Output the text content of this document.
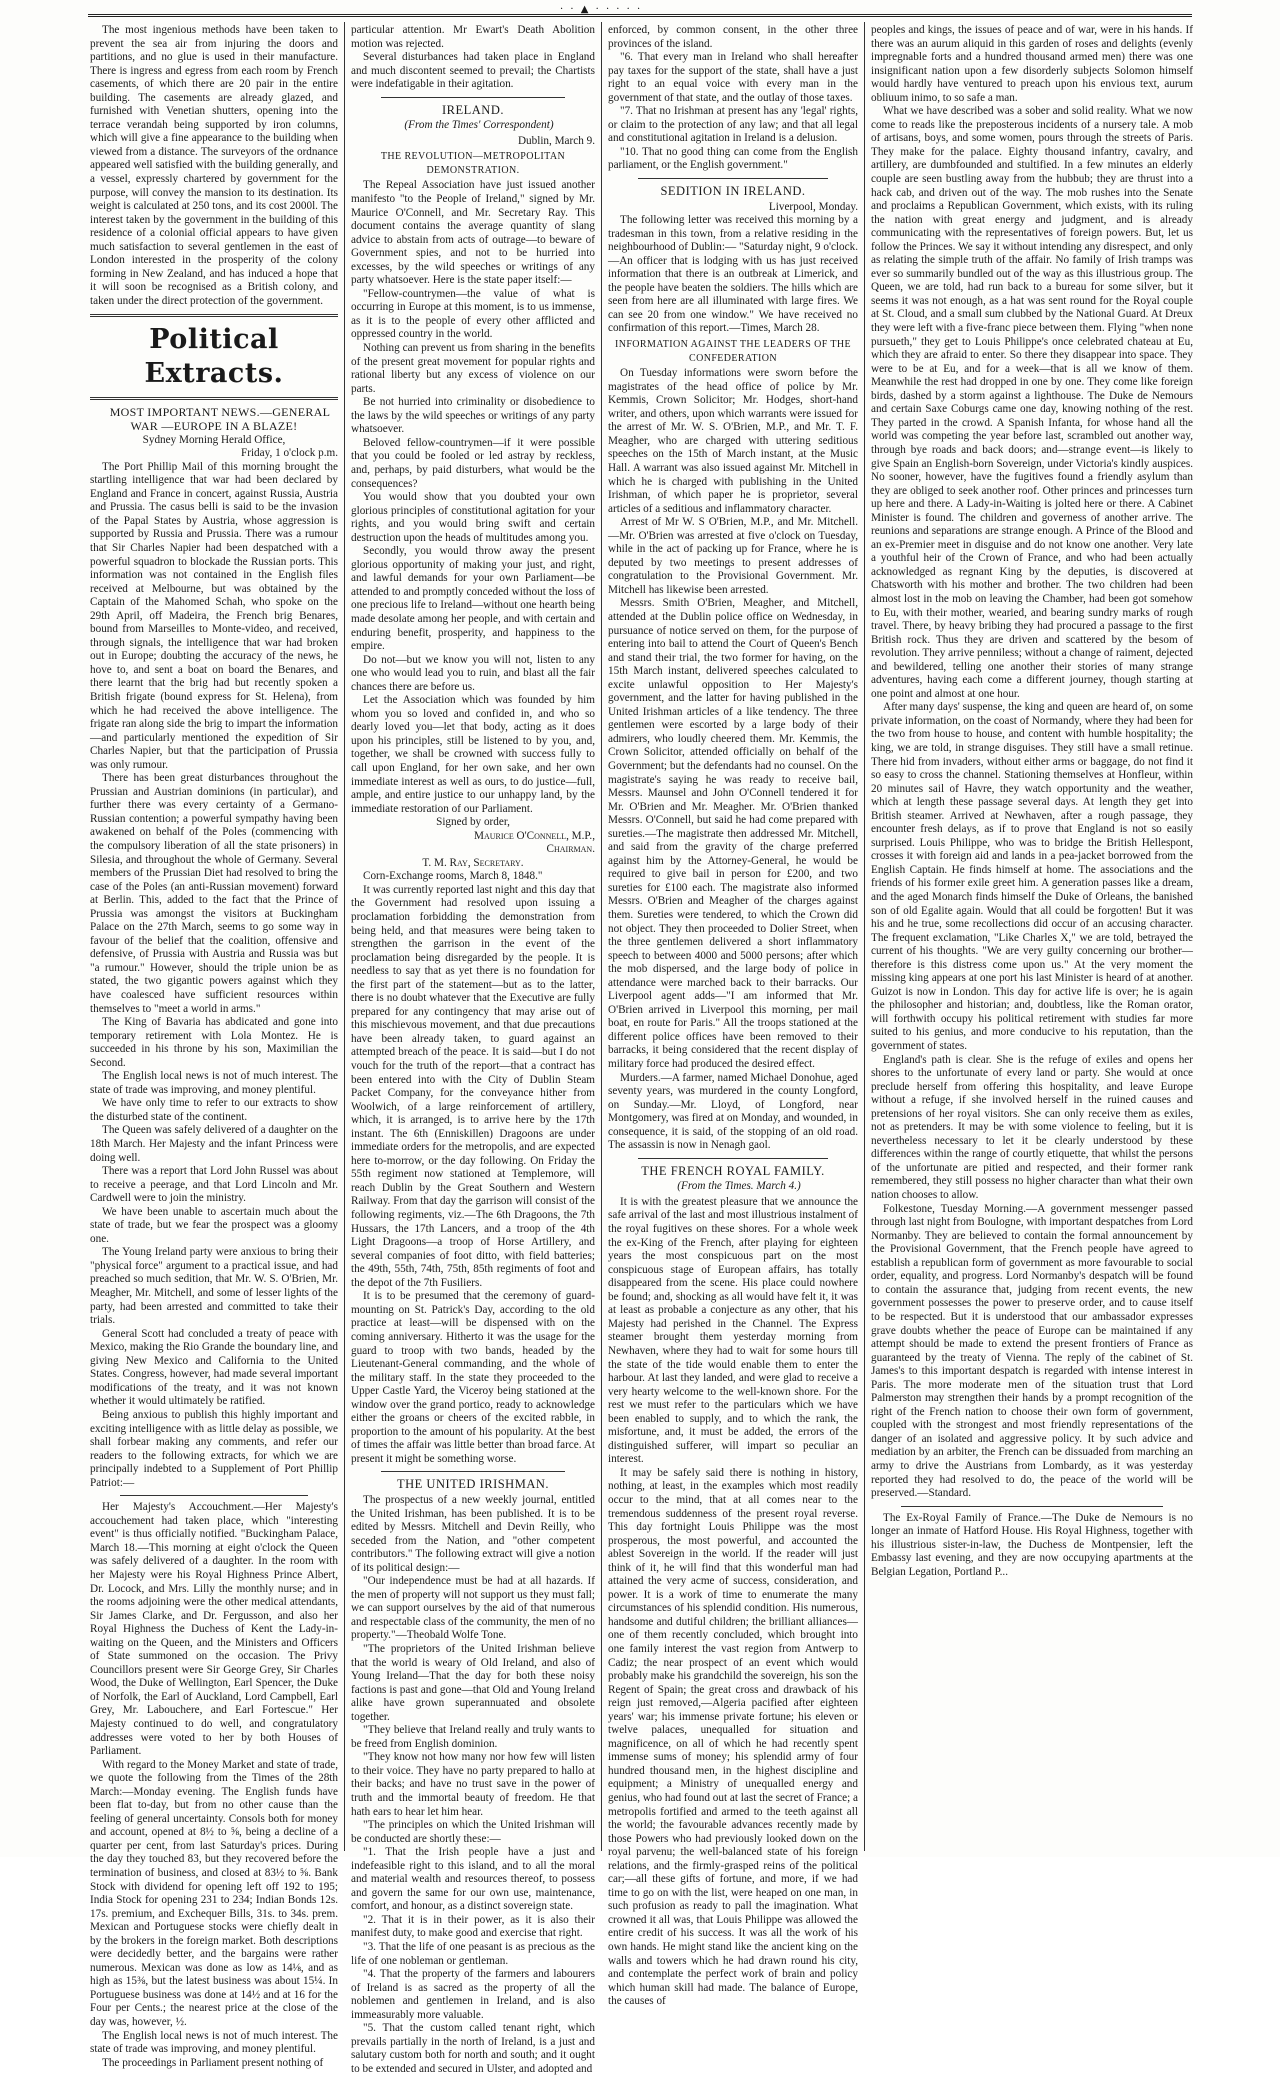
· · ▲ · · · · ·

The most ingenious methods have been taken to prevent the sea air from injuring the doors and partitions, and no glue is used in their manufacture. There is ingress and egress from each room by French casements, of which there are 20 pair in the entire building. The casements are already glazed, and furnished with Venetian shutters, opening into the terrace verandah being supported by iron columns, which will give a fine appearance to the building when viewed from a distance. The surveyors of the ordnance appeared well satisfied with the building generally, and a vessel, expressly chartered by government for the purpose, will convey the mansion to its destination. Its weight is calculated at 250 tons, and its cost 2000l. The interest taken by the government in the building of this residence of a colonial official appears to have given much satisfaction to several gentlemen in the east of London interested in the prosperity of the colony forming in New Zealand, and has induced a hope that it will soon be recognised as a British colony, and taken under the direct protection of the government.

Political Extracts.

MOST IMPORTANT NEWS.—GENERAL WAR —EUROPE IN A BLAZE!

Sydney Morning Herald Office,

Friday, 1 o'clock p.m.

The Port Phillip Mail of this morning brought the startling intelligence that war had been declared by England and France in concert, against Russia, Austria and Prussia. The casus belli is said to be the invasion of the Papal States by Austria, whose aggression is supported by Russia and Prussia. There was a rumour that Sir Charles Napier had been despatched with a powerful squadron to blockade the Russian ports. This information was not contained in the English files received at Melbourne, but was obtained by the Captain of the Mahomed Schah, who spoke on the 29th April, off Madeira, the French brig Benares, bound from Marseilles to Monte-video, and received, through signals, the intelligence that war had broken out in Europe; doubting the accuracy of the news, he hove to, and sent a boat on board the Benares, and there learnt that the brig had but recently spoken a British frigate (bound express for St. Helena), from which he had received the above intelligence. The frigate ran along side the brig to impart the information—and particularly mentioned the expedition of Sir Charles Napier, but that the participation of Prussia was only rumour.

There has been great disturbances throughout the Prussian and Austrian dominions (in particular), and further there was every certainty of a Germano-Russian contention; a powerful sympathy having been awakened on behalf of the Poles (commencing with the compulsory liberation of all the state prisoners) in Silesia, and throughout the whole of Germany. Several members of the Prussian Diet had resolved to bring the case of the Poles (an anti-Russian movement) forward at Berlin. This, added to the fact that the Prince of Prussia was amongst the visitors at Buckingham Palace on the 27th March, seems to go some way in favour of the belief that the coalition, offensive and defensive, of Prussia with Austria and Russia was but "a rumour." However, should the triple union be as stated, the two gigantic powers against which they have coalesced have sufficient resources within themselves to "meet a world in arms."

The King of Bavaria has abdicated and gone into temporary retirement with Lola Montez. He is succeeded in his throne by his son, Maximilian the Second.

The English local news is not of much interest. The state of trade was improving, and money plentiful.

We have only time to refer to our extracts to show the disturbed state of the continent.

The Queen was safely delivered of a daughter on the 18th March. Her Majesty and the infant Princess were doing well.

There was a report that Lord John Russel was about to receive a peerage, and that Lord Lincoln and Mr. Cardwell were to join the ministry.

We have been unable to ascertain much about the state of trade, but we fear the prospect was a gloomy one.

The Young Ireland party were anxious to bring their "physical force" argument to a practical issue, and had preached so much sedition, that Mr. W. S. O'Brien, Mr. Meagher, Mr. Mitchell, and some of lesser lights of the party, had been arrested and committed to take their trials.

General Scott had concluded a treaty of peace with Mexico, making the Rio Grande the boundary line, and giving New Mexico and California to the United States. Congress, however, had made several important modifications of the treaty, and it was not known whether it would ultimately be ratified.

Being anxious to publish this highly important and exciting intelligence with as little delay as possible, we shall forbear making any comments, and refer our readers to the following extracts, for which we are principally indebted to a Supplement of Port Phillip Patriot:—

Her Majesty's Accouchment.—Her Majesty's accouchement had taken place, which "interesting event" is thus officially notified. "Buckingham Palace, March 18.—This morning at eight o'clock the Queen was safely delivered of a daughter. In the room with her Majesty were his Royal Highness Prince Albert, Dr. Locock, and Mrs. Lilly the monthly nurse; and in the rooms adjoining were the other medical attendants, Sir James Clarke, and Dr. Fergusson, and also her Royal Highness the Duchess of Kent the Lady-in-waiting on the Queen, and the Ministers and Officers of State summoned on the occasion. The Privy Councillors present were Sir George Grey, Sir Charles Wood, the Duke of Wellington, Earl Spencer, the Duke of Norfolk, the Earl of Auckland, Lord Campbell, Earl Grey, Mr. Labouchere, and Earl Fortescue." Her Majesty continued to do well, and congratulatory addresses were voted to her by both Houses of Parliament.

With regard to the Money Market and state of trade, we quote the following from the Times of the 28th March:—Monday evening. The English funds have been flat to-day, but from no other cause than the feeling of general uncertainty. Consols both for money and account, opened at 8½ to ⅝, being a decline of a quarter per cent, from last Saturday's prices. During the day they touched 83, but they recovered before the termination of business, and closed at 83½ to ⅝. Bank Stock with dividend for opening left off 192 to 195; India Stock for opening 231 to 234; Indian Bonds 12s. 17s. premium, and Exchequer Bills, 31s. to 34s. prem. Mexican and Portuguese stocks were chiefly dealt in by the brokers in the foreign market. Both descriptions were decidedly better, and the bargains were rather numerous. Mexican was done as low as 14⅛, and as high as 15⅜, but the latest business was about 15¼. In Portuguese business was done at 14½ and at 16 for the Four per Cents.; the nearest price at the close of the day was, however, ½.

The English local news is not of much interest. The state of trade was improving, and money plentiful.

The proceedings in Parliament present nothing of

particular attention. Mr Ewart's Death Abolition motion was rejected.

Several disturbances had taken place in England and much discontent seemed to prevail; the Chartists were indefatigable in their agitation.

IRELAND.

(From the Times' Correspondent)

Dublin, March 9.

THE REVOLUTION—METROPOLITAN DEMONSTRATION.

The Repeal Association have just issued another manifesto "to the People of Ireland," signed by Mr. Maurice O'Connell, and Mr. Secretary Ray. This document contains the average quantity of slang advice to abstain from acts of outrage—to beware of Government spies, and not to be hurried into excesses, by the wild speeches or writings of any party whatsoever. Here is the state paper itself:—

"Fellow-countrymen—the value of what is occurring in Europe at this moment, is to us immense, as it is to the people of every other afflicted and oppressed country in the world.

Nothing can prevent us from sharing in the benefits of the present great movement for popular rights and rational liberty but any excess of violence on our parts.

Be not hurried into criminality or disobedience to the laws by the wild speeches or writings of any party whatsoever.

Beloved fellow-countrymen—if it were possible that you could be fooled or led astray by reckless, and, perhaps, by paid disturbers, what would be the consequences?

You would show that you doubted your own glorious principles of constitutional agitation for your rights, and you would bring swift and certain destruction upon the heads of multitudes among you.

Secondly, you would throw away the present glorious opportunity of making your just, and right, and lawful demands for your own Parliament—be attended to and promptly conceded without the loss of one precious life to Ireland—without one hearth being made desolate among her people, and with certain and enduring benefit, prosperity, and happiness to the empire.

Do not—but we know you will not, listen to any one who would lead you to ruin, and blast all the fair chances there are before us.

Let the Association which was founded by him whom you so loved and confided in, and who so dearly loved you—let that body, acting as it does upon his principles, still be listened to by you, and, together, we shall be crowned with success fully to call upon England, for her own sake, and her own immediate interest as well as ours, to do justice—full, ample, and entire justice to our unhappy land, by the immediate restoration of our Parliament.

Signed by order,

Maurice O'Connell, M.P.,

Chairman.

T. M. Ray, Secretary.

Corn-Exchange rooms, March 8, 1848."

It was currently reported last night and this day that the Government had resolved upon issuing a proclamation forbidding the demonstration from being held, and that measures were being taken to strengthen the garrison in the event of the proclamation being disregarded by the people. It is needless to say that as yet there is no foundation for the first part of the statement—but as to the latter, there is no doubt whatever that the Executive are fully prepared for any contingency that may arise out of this mischievous movement, and that due precautions have been already taken, to guard against an attempted breach of the peace. It is said—but I do not vouch for the truth of the report—that a contract has been entered into with the City of Dublin Steam Packet Company, for the conveyance hither from Woolwich, of a large reinforcement of artillery, which, it is arranged, is to arrive here by the 17th instant. The 6th (Enniskillen) Dragoons are under immediate orders for the metropolis, and are expected here to-morrow, or the day following. On Friday the 55th regiment now stationed at Templemore, will reach Dublin by the Great Southern and Western Railway. From that day the garrison will consist of the following regiments, viz.—The 6th Dragoons, the 7th Hussars, the 17th Lancers, and a troop of the 4th Light Dragoons—a troop of Horse Artillery, and several companies of foot ditto, with field batteries; the 49th, 55th, 74th, 75th, 85th regiments of foot and the depot of the 7th Fusiliers.

It is to be presumed that the ceremony of guard-mounting on St. Patrick's Day, according to the old practice at least—will be dispensed with on the coming anniversary. Hitherto it was the usage for the guard to troop with two bands, headed by the Lieutenant-General commanding, and the whole of the military staff. In the state they proceeded to the Upper Castle Yard, the Viceroy being stationed at the window over the grand portico, ready to acknowledge either the groans or cheers of the excited rabble, in proportion to the amount of his popularity. At the best of times the affair was little better than broad farce. At present it might be something worse.

THE UNITED IRISHMAN.

The prospectus of a new weekly journal, entitled the United Irishman, has been published. It is to be edited by Messrs. Mitchell and Devin Reilly, who seceded from the Nation, and "other competent contributors." The following extract will give a notion of its political design:—

"Our independence must be had at all hazards. If the men of property will not support us they must fall; we can support ourselves by the aid of that numerous and respectable class of the community, the men of no property."—Theobald Wolfe Tone.

"The proprietors of the United Irishman believe that the world is weary of Old Ireland, and also of Young Ireland—That the day for both these noisy factions is past and gone—that Old and Young Ireland alike have grown superannuated and obsolete together.

"They believe that Ireland really and truly wants to be freed from English dominion.

"They know not how many nor how few will listen to their voice. They have no party prepared to hallo at their backs; and have no trust save in the power of truth and the immortal beauty of freedom. He that hath ears to hear let him hear.

"The principles on which the United Irishman will be conducted are shortly these:—

"1. That the Irish people have a just and indefeasible right to this island, and to all the moral and material wealth and resources thereof, to possess and govern the same for our own use, maintenance, comfort, and honour, as a distinct sovereign state.

"2. That it is in their power, as it is also their manifest duty, to make good and exercise that right.

"3. That the life of one peasant is as precious as the life of one nobleman or gentleman.

"4. That the property of the farmers and labourers of Ireland is as sacred as the property of all the noblemen and gentlemen in Ireland, and is also immeasurably more valuable.

"5. That the custom called tenant right, which prevails partially in the north of Ireland, is a just and salutary custom both for north and south; and it ought to be extended and secured in Ulster, and adopted and

enforced, by common consent, in the other three provinces of the island.

"6. That every man in Ireland who shall hereafter pay taxes for the support of the state, shall have a just right to an equal voice with every man in the government of that state, and the outlay of those taxes.

"7. That no Irishman at present has any 'legal' rights, or claim to the protection of any law; and that all legal and constitutional agitation in Ireland is a delusion.

"10. That no good thing can come from the English parliament, or the English government."

SEDITION IN IRELAND.

Liverpool, Monday.

The following letter was received this morning by a tradesman in this town, from a relative residing in the neighbourhood of Dublin:— "Saturday night, 9 o'clock.—An officer that is lodging with us has just received information that there is an outbreak at Limerick, and the people have beaten the soldiers. The hills which are seen from here are all illuminated with large fires. We can see 20 from one window." We have received no confirmation of this report.—Times, March 28.

INFORMATION AGAINST THE LEADERS OF THE CONFEDERATION

On Tuesday informations were sworn before the magistrates of the head office of police by Mr. Kemmis, Crown Solicitor; Mr. Hodges, short-hand writer, and others, upon which warrants were issued for the arrest of Mr. W. S. O'Brien, M.P., and Mr. T. F. Meagher, who are charged with uttering seditious speeches on the 15th of March instant, at the Music Hall. A warrant was also issued against Mr. Mitchell in which he is charged with publishing in the United Irishman, of which paper he is proprietor, several articles of a seditious and inflammatory character.

Arrest of Mr W. S O'Brien, M.P., and Mr. Mitchell.—Mr. O'Brien was arrested at five o'clock on Tuesday, while in the act of packing up for France, where he is deputed by two meetings to present addresses of congratulation to the Provisional Government. Mr. Mitchell has likewise been arrested.

Messrs. Smith O'Brien, Meagher, and Mitchell, attended at the Dublin police office on Wednesday, in pursuance of notice served on them, for the purpose of entering into bail to attend the Court of Queen's Bench and stand their trial, the two former for having, on the 15th March instant, delivered speeches calculated to excite unlawful opposition to Her Majesty's government, and the latter for having published in the United Irishman articles of a like tendency. The three gentlemen were escorted by a large body of their admirers, who loudly cheered them. Mr. Kemmis, the Crown Solicitor, attended officially on behalf of the Government; but the defendants had no counsel. On the magistrate's saying he was ready to receive bail, Messrs. Maunsel and John O'Connell tendered it for Mr. O'Brien and Mr. Meagher. Mr. O'Brien thanked Messrs. O'Connell, but said he had come prepared with sureties.—The magistrate then addressed Mr. Mitchell, and said from the gravity of the charge preferred against him by the Attorney-General, he would be required to give bail in person for £200, and two sureties for £100 each. The magistrate also informed Messrs. O'Brien and Meagher of the charges against them. Sureties were tendered, to which the Crown did not object. They then proceeded to Dolier Street, when the three gentlemen delivered a short inflammatory speech to between 4000 and 5000 persons; after which the mob dispersed, and the large body of police in attendance were marched back to their barracks. Our Liverpool agent adds—"I am informed that Mr. O'Brien arrived in Liverpool this morning, per mail boat, en route for Paris." All the troops stationed at the different police offices have been removed to their barracks, it being considered that the recent display of military force had produced the desired effect.

Murders.—A farmer, named Michael Donohue, aged seventy years, was murdered in the county Longford, on Sunday.—Mr. Lloyd, of Longford, near Montgomery, was fired at on Monday, and wounded, in consequence, it is said, of the stopping of an old road. The assassin is now in Nenagh gaol.

THE FRENCH ROYAL FAMILY.

(From the Times. March 4.)

It is with the greatest pleasure that we announce the safe arrival of the last and most illustrious instalment of the royal fugitives on these shores. For a whole week the ex-King of the French, after playing for eighteen years the most conspicuous part on the most conspicuous stage of European affairs, has totally disappeared from the scene. His place could nowhere be found; and, shocking as all would have felt it, it was at least as probable a conjecture as any other, that his Majesty had perished in the Channel. The Express steamer brought them yesterday morning from Newhaven, where they had to wait for some hours till the state of the tide would enable them to enter the harbour. At last they landed, and were glad to receive a very hearty welcome to the well-known shore. For the rest we must refer to the particulars which we have been enabled to supply, and to which the rank, the misfortune, and, it must be added, the errors of the distinguished sufferer, will impart so peculiar an interest.

It may be safely said there is nothing in history, nothing, at least, in the examples which most readily occur to the mind, that at all comes near to the tremendous suddenness of the present royal reverse. This day fortnight Louis Philippe was the most prosperous, the most powerful, and accounted the ablest Sovereign in the world. If the reader will just think of it, he will find that this wonderful man had attained the very acme of success, consideration, and power. It is a work of time to enumerate the many circumstances of his splendid condition. His numerous, handsome and dutiful children; the brilliant alliances—one of them recently concluded, which brought into one family interest the vast region from Antwerp to Cadiz; the near prospect of an event which would probably make his grandchild the sovereign, his son the Regent of Spain; the great cross and drawback of his reign just removed,—Algeria pacified after eighteen years' war; his immense private fortune; his eleven or twelve palaces, unequalled for situation and magnificence, on all of which he had recently spent immense sums of money; his splendid army of four hundred thousand men, in the highest discipline and equipment; a Ministry of unequalled energy and genius, who had found out at last the secret of France; a metropolis fortified and armed to the teeth against all the world; the favourable advances recently made by those Powers who had previously looked down on the royal parvenu; the well-balanced state of his foreign relations, and the firmly-grasped reins of the political car;—all these gifts of fortune, and more, if we had time to go on with the list, were heaped on one man, in such profusion as ready to pall the imagination. What crowned it all was, that Louis Philippe was allowed the entire credit of his success. It was all the work of his own hands. He might stand like the ancient king on the walls and towers which he had drawn round his city, and contemplate the perfect work of brain and policy which human skill had made. The balance of Europe, the causes of

peoples and kings, the issues of peace and of war, were in his hands. If there was an aurum aliquid in this garden of roses and delights (evenly impregnable forts and a hundred thousand armed men) there was one insignificant nation upon a few disorderly subjects Solomon himself would hardly have ventured to preach upon his envious text, aurum obliuum inimo, to so safe a man.

What we have described was a sober and solid reality. What we now come to reads like the preposterous incidents of a nursery tale. A mob of artisans, boys, and some women, pours through the streets of Paris. They make for the palace. Eighty thousand infantry, cavalry, and artillery, are dumbfounded and stultified. In a few minutes an elderly couple are seen bustling away from the hubbub; they are thrust into a hack cab, and driven out of the way. The mob rushes into the Senate and proclaims a Republican Government, which exists, with its ruling the nation with great energy and judgment, and is already communicating with the representatives of foreign powers. But, let us follow the Princes. We say it without intending any disrespect, and only as relating the simple truth of the affair. No family of Irish tramps was ever so summarily bundled out of the way as this illustrious group. The Queen, we are told, had run back to a bureau for some silver, but it seems it was not enough, as a hat was sent round for the Royal couple at St. Cloud, and a small sum clubbed by the National Guard. At Dreux they were left with a five-franc piece between them. Flying "when none pursueth," they get to Louis Philippe's once celebrated chateau at Eu, which they are afraid to enter. So there they disappear into space. They were to be at Eu, and for a week—that is all we know of them. Meanwhile the rest had dropped in one by one. They come like foreign birds, dashed by a storm against a lighthouse. The Duke de Nemours and certain Saxe Coburgs came one day, knowing nothing of the rest. They parted in the crowd. A Spanish Infanta, for whose hand all the world was competing the year before last, scrambled out another way, through bye roads and back doors; and—strange event—is likely to give Spain an English-born Sovereign, under Victoria's kindly auspices. No sooner, however, have the fugitives found a friendly asylum than they are obliged to seek another roof. Other princes and princesses turn up here and there. A Lady-in-Waiting is jolted here or there. A Cabinet Minister is found. The children and governess of another arrive. The reunions and separations are strange enough. A Prince of the Blood and an ex-Premier meet in disguise and do not know one another. Very late a youthful heir of the Crown of France, and who had been actually acknowledged as regnant King by the deputies, is discovered at Chatsworth with his mother and brother. The two children had been almost lost in the mob on leaving the Chamber, had been got somehow to Eu, with their mother, wearied, and bearing sundry marks of rough travel. There, by heavy bribing they had procured a passage to the first British rock. Thus they are driven and scattered by the besom of revolution. They arrive penniless; without a change of raiment, dejected and bewildered, telling one another their stories of many strange adventures, having each come a different journey, though starting at one point and almost at one hour.

After many days' suspense, the king and queen are heard of, on some private information, on the coast of Normandy, where they had been for the two from house to house, and content with humble hospitality; the king, we are told, in strange disguises. They still have a small retinue. There hid from invaders, without either arms or baggage, do not find it so easy to cross the channel. Stationing themselves at Honfleur, within 20 minutes sail of Havre, they watch opportunity and the weather, which at length these passage several days. At length they get into British steamer. Arrived at Newhaven, after a rough passage, they encounter fresh delays, as if to prove that England is not so easily surprised. Louis Philippe, who was to bridge the British Hellespont, crosses it with foreign aid and lands in a pea-jacket borrowed from the English Captain. He finds himself at home. The associations and the friends of his former exile greet him. A generation passes like a dream, and the aged Monarch finds himself the Duke of Orleans, the banished son of old Egalite again. Would that all could be forgotten! But it was his and he true, some recollections did occur of an accusing character. The frequent exclamation, "Like Charles X," we are told, betrayed the current of his thoughts. "We are very guilty concerning our brother—therefore is this distress come upon us." At the very moment the missing king appears at one port his last Minister is heard of at another. Guizot is now in London. This day for active life is over; he is again the philosopher and historian; and, doubtless, like the Roman orator, will forthwith occupy his political retirement with studies far more suited to his genius, and more conducive to his reputation, than the government of states.

England's path is clear. She is the refuge of exiles and opens her shores to the unfortunate of every land or party. She would at once preclude herself from offering this hospitality, and leave Europe without a refuge, if she involved herself in the ruined causes and pretensions of her royal visitors. She can only receive them as exiles, not as pretenders. It may be with some violence to feeling, but it is nevertheless necessary to let it be clearly understood by these differences within the range of courtly etiquette, that whilst the persons of the unfortunate are pitied and respected, and their former rank remembered, they still possess no higher character than what their own nation chooses to allow.

Folkestone, Tuesday Morning.—A government messenger passed through last night from Boulogne, with important despatches from Lord Normanby. They are believed to contain the formal announcement by the Provisional Government, that the French people have agreed to establish a republican form of government as more favourable to social order, equality, and progress. Lord Normanby's despatch will be found to contain the assurance that, judging from recent events, the new government possesses the power to preserve order, and to cause itself to be respected. But it is understood that our ambassador expresses grave doubts whether the peace of Europe can be maintained if any attempt should be made to extend the present frontiers of France as guaranteed by the treaty of Vienna. The reply of the cabinet of St. James's to this important despatch is regarded with intense interest in Paris. The more moderate men of the situation trust that Lord Palmerston may strengthen their hands by a prompt recognition of the right of the French nation to choose their own form of government, coupled with the strongest and most friendly representations of the danger of an isolated and aggressive policy. It by such advice and mediation by an arbiter, the French can be dissuaded from marching an army to drive the Austrians from Lombardy, as it was yesterday reported they had resolved to do, the peace of the world will be preserved.—Standard.

The Ex-Royal Family of France.—The Duke de Nemours is no longer an inmate of Hatford House. His Royal Highness, together with his illustrious sister-in-law, the Duchess de Montpensier, left the Embassy last evening, and they are now occupying apartments at the Belgian Legation, Portland P...
